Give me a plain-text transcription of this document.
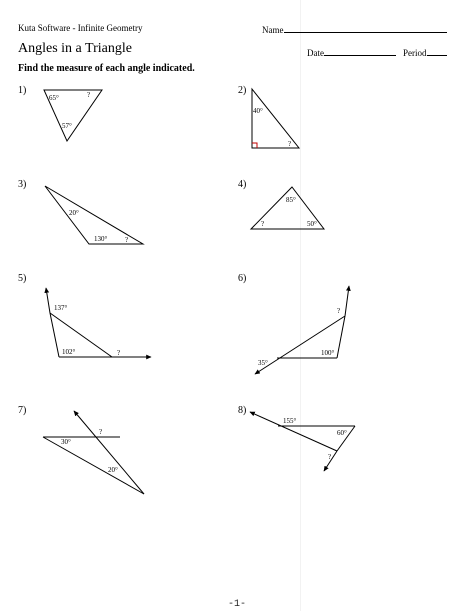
Kuta Software - Infinite Geometry	Name
Angles in a Triangle	Date	Period
Find the measure of each angle indicated.
1)	2)
3)	4)
5)	6)
7)	8)
65°	?
57°
40°
?
20°
130°	?
85°
?	50°
137°
102°	?
?
100°
35°
30°
?
20°
155°
60°
?
-1-
